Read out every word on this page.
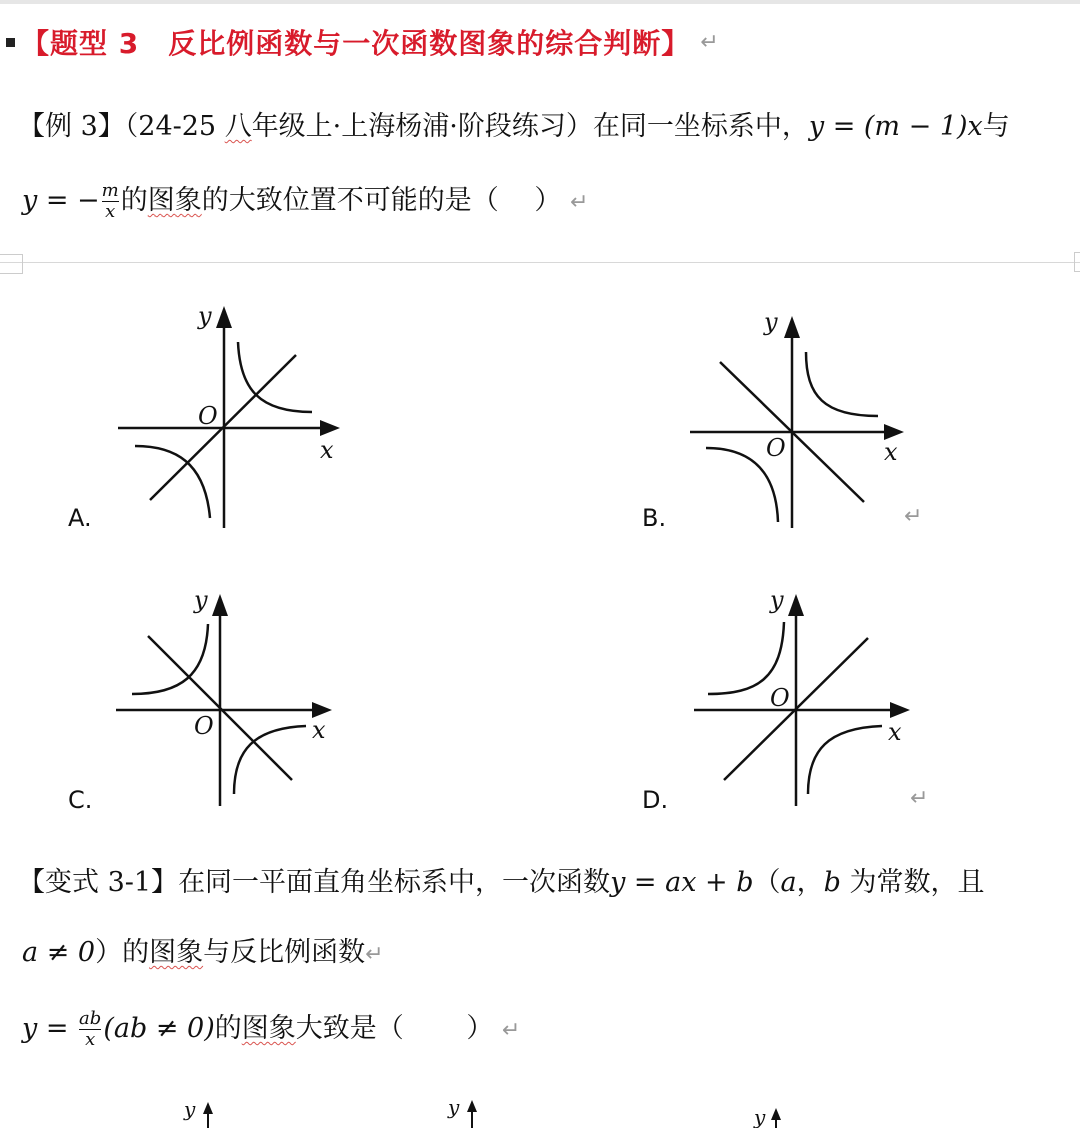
【题型 3　反比例函数与一次函数图象的综合判断】 ↵
【例 3】（24-25 八年级上·上海杨浦·阶段练习）在同一坐标系中，y = (m − 1)x与
y = − $\frac{m}{x}$ 的图象的大致位置不可能的是（　 ） ↵
x
y
O
A.
x
y
O
B.	↵
x
y
O
C.
x
y
O
D.	↵
【变式 3-1】在同一平面直角坐标系中，一次函数y = ax + b（a，b 为常数，且
a ≠ 0）的图象与反比例函数↵
$y = \frac{ab}{x} (ab \ne 0)$的图象大致是（　　 ） ↵
y	y	y
